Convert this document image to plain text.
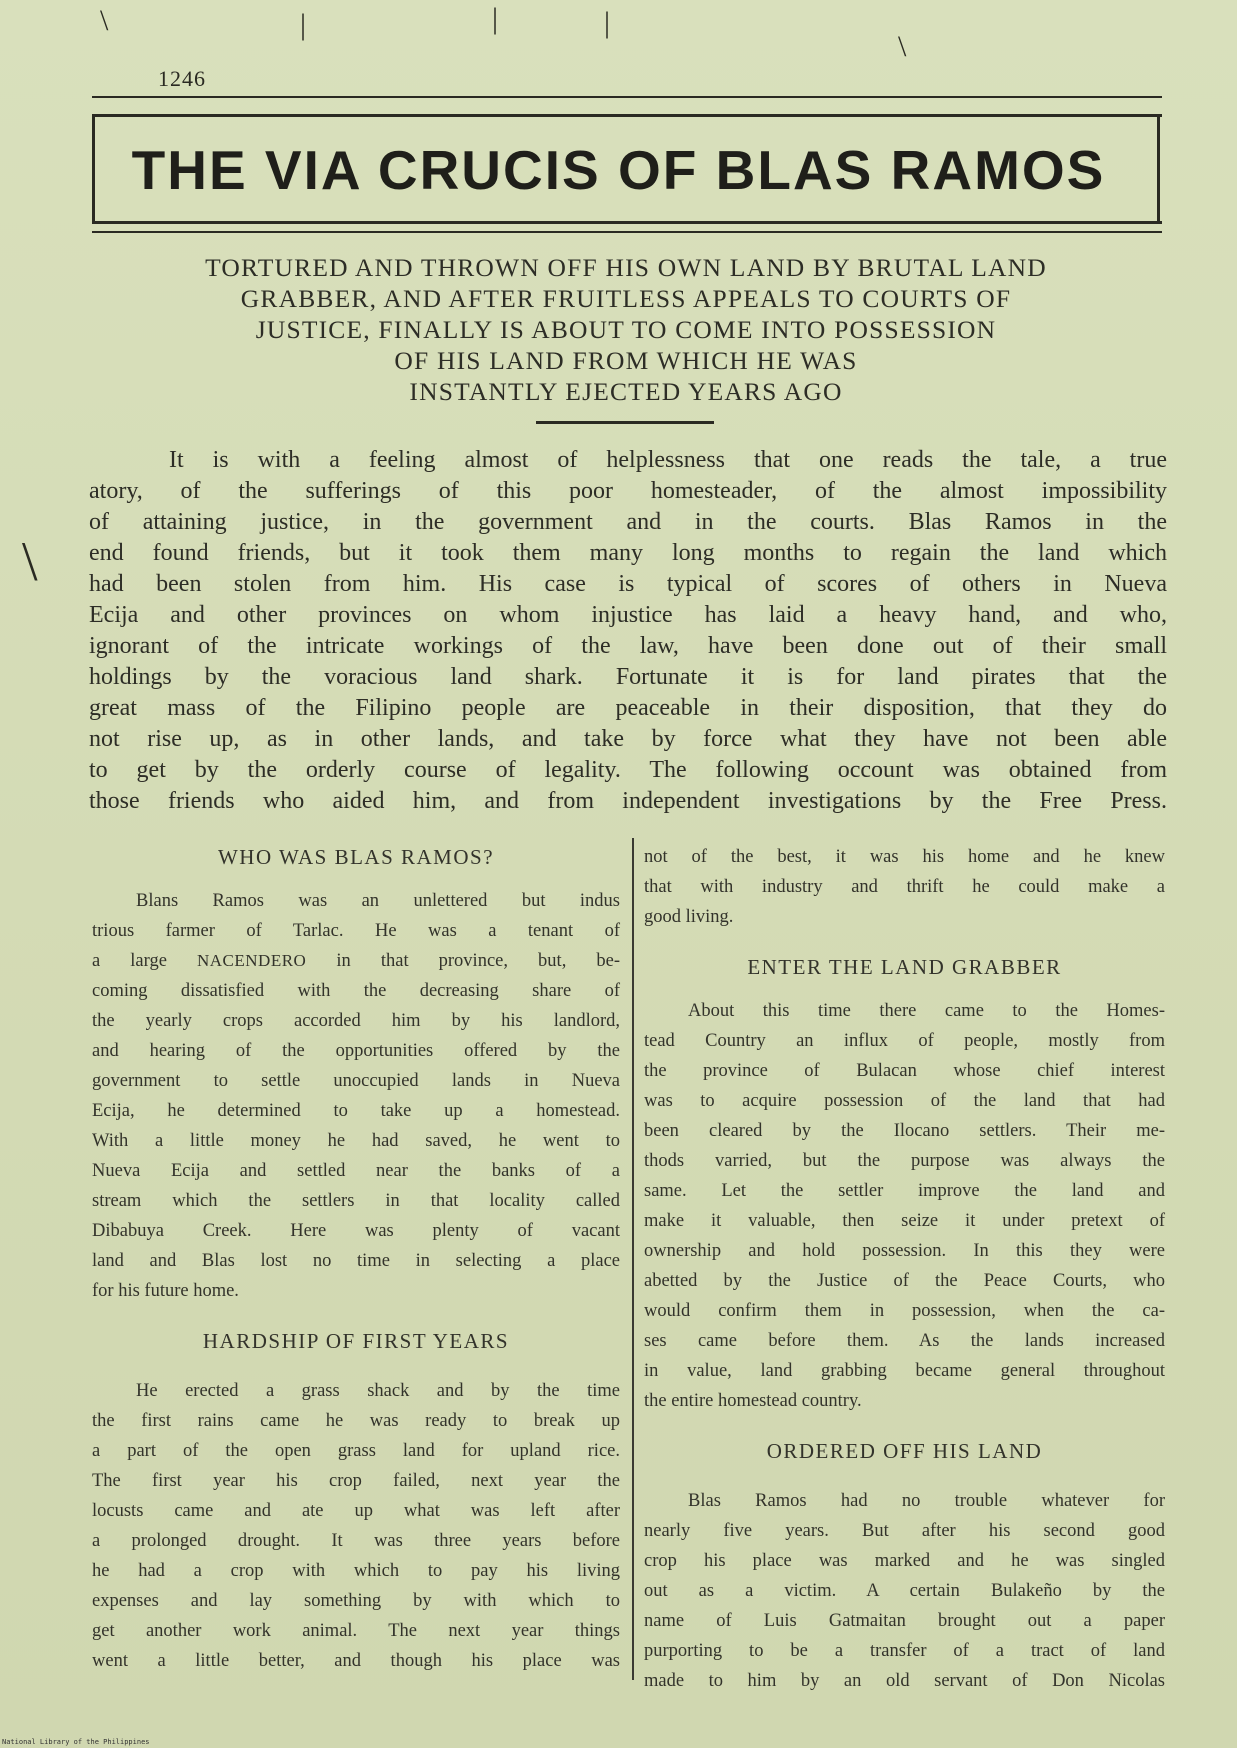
\	|	|	|
\
\
1246
THE VIA CRUCIS OF BLAS RAMOS
TORTURED AND THROWN OFF HIS OWN LAND BY BRUTAL LAND
GRABBER, AND AFTER FRUITLESS APPEALS TO COURTS OF
JUSTICE, FINALLY IS ABOUT TO COME INTO POSSESSION
OF HIS LAND FROM WHICH HE WAS
INSTANTLY EJECTED YEARS AGO
It is with a feeling almost of helplessness that one reads the tale, a true
atory, of the sufferings of this poor homesteader, of the almost impossibility
of attaining justice, in the government and in the courts. Blas Ramos in the
end found friends, but it took them many long months to regain the land which
had been stolen from him. His case is typical of scores of others in Nueva
Ecija and other provinces on whom injustice has laid a heavy hand, and who,
ignorant of the intricate workings of the law, have been done out of their small
holdings by the voracious land shark. Fortunate it is for land pirates that the
great mass of the Filipino people are peaceable in their disposition, that they do
not rise up, as in other lands, and take by force what they have not been able
to get by the orderly course of legality. The following occount was obtained from
those friends who aided him, and from independent investigations by the Free Press.
WHO WAS BLAS RAMOS?
Blans Ramos was an unlettered but indus
trious farmer of Tarlac. He was a tenant of
a large NACENDERO in that province, but, be-
coming dissatisfied with the decreasing share of
the yearly crops accorded him by his landlord,
and hearing of the opportunities offered by the
government to settle unoccupied lands in Nueva
Ecija, he determined to take up a homestead.
With a little money he had saved, he went to
Nueva Ecija and settled near the banks of a
stream which the settlers in that locality called
Dibabuya Creek. Here was plenty of vacant
land and Blas lost no time in selecting a place
for his future home.
HARDSHIP OF FIRST YEARS
He erected a grass shack and by the time
the first rains came he was ready to break up
a part of the open grass land for upland rice.
The first year his crop failed, next year the
locusts came and ate up what was left after
a prolonged drought. It was three years before
he had a crop with which to pay his living
expenses and lay something by with which to
get another work animal. The next year things
went a little better, and though his place was
not of the best, it was his home and he knew
that with industry and thrift he could make a
good living.
ENTER THE LAND GRABBER
About this time there came to the Homes-
tead Country an influx of people, mostly from
the province of Bulacan whose chief interest
was to acquire possession of the land that had
been cleared by the Ilocano settlers. Their me-
thods varried, but the purpose was always the
same. Let the settler improve the land and
make it valuable, then seize it under pretext of
ownership and hold possession. In this they were
abetted by the Justice of the Peace Courts, who
would confirm them in possession, when the ca-
ses came before them. As the lands increased
in value, land grabbing became general throughout
the entire homestead country.
ORDERED OFF HIS LAND
Blas Ramos had no trouble whatever for
nearly five years. But after his second good
crop his place was marked and he was singled
out as a victim. A certain Bulakeño by the
name of Luis Gatmaitan brought out a paper
purporting to be a transfer of a tract of land
made to him by an old servant of Don Nicolas
National Library of the Philippines
